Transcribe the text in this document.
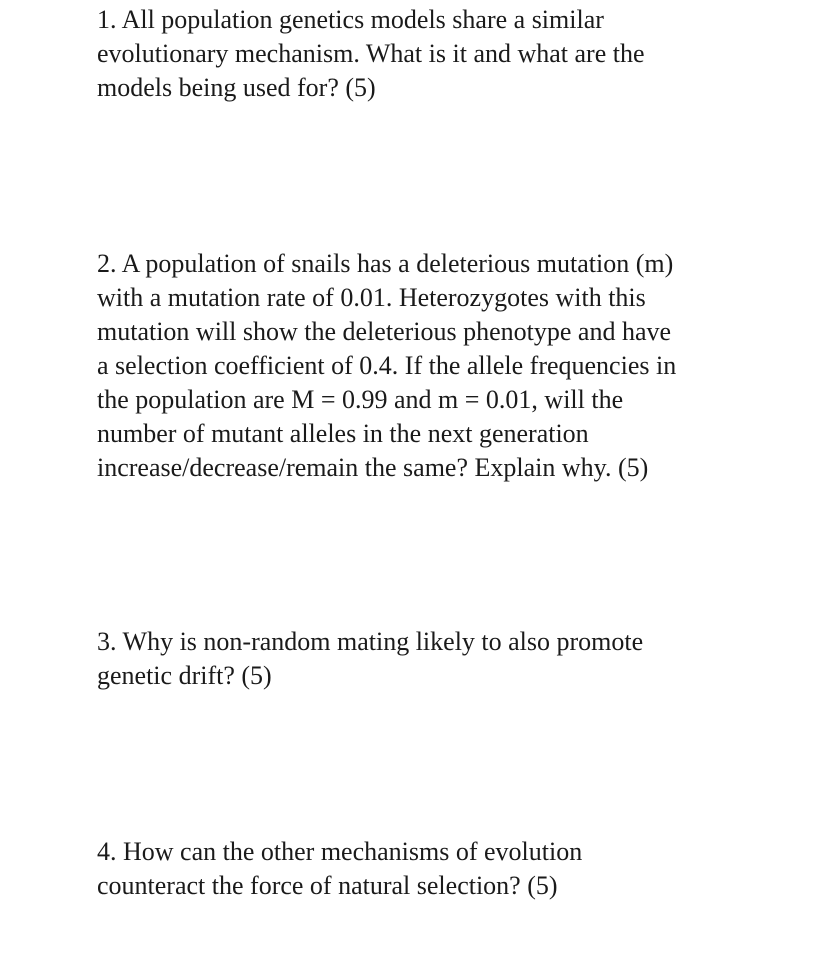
1. All population genetics models share a similar
evolutionary mechanism. What is it and what are the
models being used for? (5)

2. A population of snails has a deleterious mutation (m)
with a mutation rate of 0.01. Heterozygotes with this
mutation will show the deleterious phenotype and have
a selection coefficient of 0.4. If the allele frequencies in
the population are M = 0.99 and m = 0.01, will the
number of mutant alleles in the next generation
increase/decrease/remain the same? Explain why. (5)

3. Why is non-random mating likely to also promote
genetic drift? (5)

4. How can the other mechanisms of evolution
counteract the force of natural selection? (5)
